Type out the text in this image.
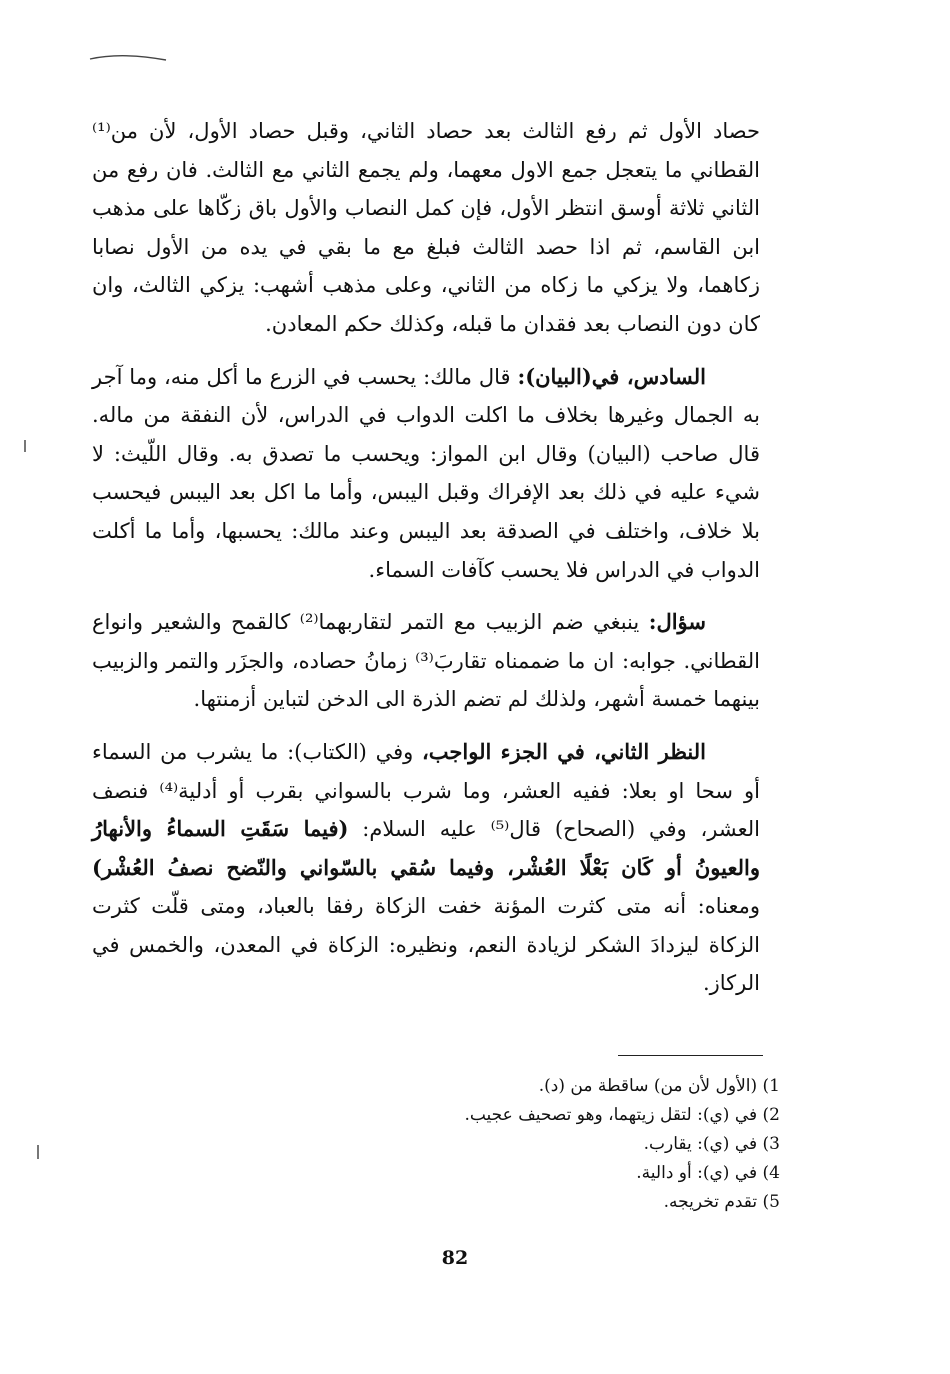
حصاد الأول ثم رفع الثالث بعد حصاد الثاني، وقبل حصاد الأول، لأن من⁽¹⁾ القطاني ما يتعجل جمع الاول معهما، ولم يجمع الثاني مع الثالث. فان رفع من الثاني ثلاثة أوسق انتظر الأول، فإن كمل النصاب والأول باق زكّاها على مذهب ابن القاسم، ثم اذا حصد الثالث فبلغ مع ما بقي في يده من الأول نصابا زكاهما، ولا يزكي ما زكاه من الثاني، وعلى مذهب أشهب: يزكي الثالث، وان كان دون النصاب بعد فقدان ما قبله، وكذلك حكم المعادن.

السادس، في(البيان): قال مالك: يحسب في الزرع ما أكل منه، وما آجر به الجمال وغيرها بخلاف ما اكلت الدواب في الدراس، لأن النفقة من ماله. قال صاحب (البيان) وقال ابن المواز: ويحسب ما تصدق به. وقال اللّيث: لا شيء عليه في ذلك بعد الإفراك وقبل اليبس، وأما ما اكل بعد اليبس فيحسب بلا خلاف، واختلف في الصدقة بعد اليبس وعند مالك: يحسبها، وأما ما أكلت الدواب في الدراس فلا يحسب كآفات السماء.

سؤال: ينبغي ضم الزبيب مع التمر لتقاربهما⁽²⁾ كالقمح والشعير وانواع القطاني. جوابه: ان ما ضممناه تقاربَ⁽³⁾ زمانُ حصاده، والجزَر والتمر والزبيب بينهما خمسة أشهر، ولذلك لم تضم الذرة الى الدخن لتباين أزمنتها.

النظر الثاني، في الجزء الواجب، وفي (الكتاب): ما يشرب من السماء أو سحا او بعلا: ففيه العشر، وما شرب بالسواني بقرب أو أدلية⁽⁴⁾ فنصف العشر، وفي (الصحاح) قال⁽⁵⁾ عليه السلام: (فيما سَقَتِ السماءُ والأنهارُ والعيونُ أو كَان بَعْلًا العُشْر، وفيما سُقي بالسّواني والنّضح نصفُ العُشْر) ومعناه: أنه متى كثرت المؤنة خفت الزكاة رفقا بالعباد، ومتى قلّت كثرت الزكاة ليزدادَ الشكر لزيادة النعم، ونظيره: الزكاة في المعدن، والخمس في الركاز.

1) (الأول لأن من) ساقطة من (د).

2) في (ي): لتقل زيتهما، وهو تصحيف عجيب.

3) في (ي): يقارب.

4) في (ي): أو دالية.

5) تقدم تخريجه.

82
